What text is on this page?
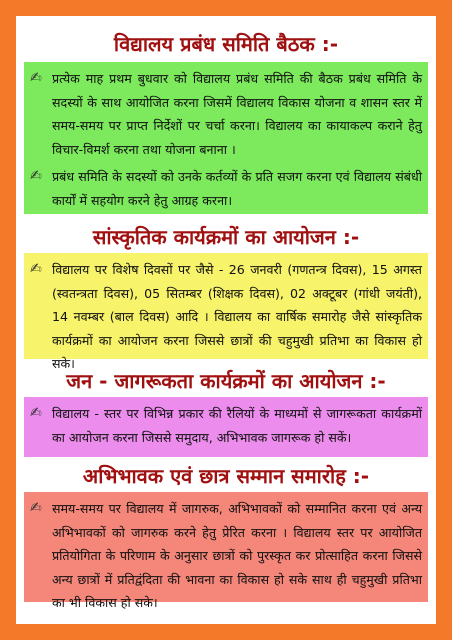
विद्यालय प्रबंध समिति बैठक :-
✍ प्रत्येक माह प्रथम बुधवार को विद्यालय प्रबंध समिति की बैठक प्रबंध समिति के सदस्यों के साथ आयोजित करना जिसमें विद्यालय विकास योजना व शासन स्तर में समय-समय पर प्राप्त निर्देशों पर चर्चा करना। विद्यालय का कायाकल्प कराने हेतु विचार-विमर्श करना तथा योजना बनाना ।
✍ प्रबंध समिति के सदस्यों को उनके कर्तव्यों के प्रति सजग करना एवं विद्यालय संबंधी कार्यों में सहयोग करने हेतु आग्रह करना।
सांस्कृतिक कार्यक्रमों का आयोजन :-
✍ विद्यालय पर विशेष दिवसों पर जैसे - 26 जनवरी (गणतन्त्र दिवस), 15 अगस्त (स्वतन्त्रता दिवस), 05 सितम्बर (शिक्षक दिवस), 02 अक्टूबर (गांधी जयंती), 14 नवम्बर (बाल दिवस) आदि । विद्यालय का वार्षिक समारोह जैसे सांस्कृतिक कार्यक्रमों का आयोजन करना जिससे छात्रों की चहुमुखी प्रतिभा का विकास हो सके।
जन - जागरूकता कार्यक्रमों का आयोजन :-
✍ विद्यालय - स्तर पर विभिन्न प्रकार की रैलियों के माध्यमों से जागरूकता कार्यक्रमों का आयोजन करना जिससे समुदाय, अभिभावक जागरूक हो सकें।
अभिभावक एवं छात्र सम्मान समारोह :-
✍ समय-समय पर विद्यालय में जागरुक, अभिभावकों को सम्मानित करना एवं अन्य अभिभावकों को जागरुक करने हेतु प्रेरित करना । विद्यालय स्तर पर आयोजित प्रतियोगिता के परिणाम के अनुसार छात्रों को पुरस्कृत कर प्रोत्साहित करना जिससे अन्य छात्रों में प्रतिद्वंदिता की भावना का विकास हो सके साथ ही चहुमुखी प्रतिभा का भी विकास हो सके।
